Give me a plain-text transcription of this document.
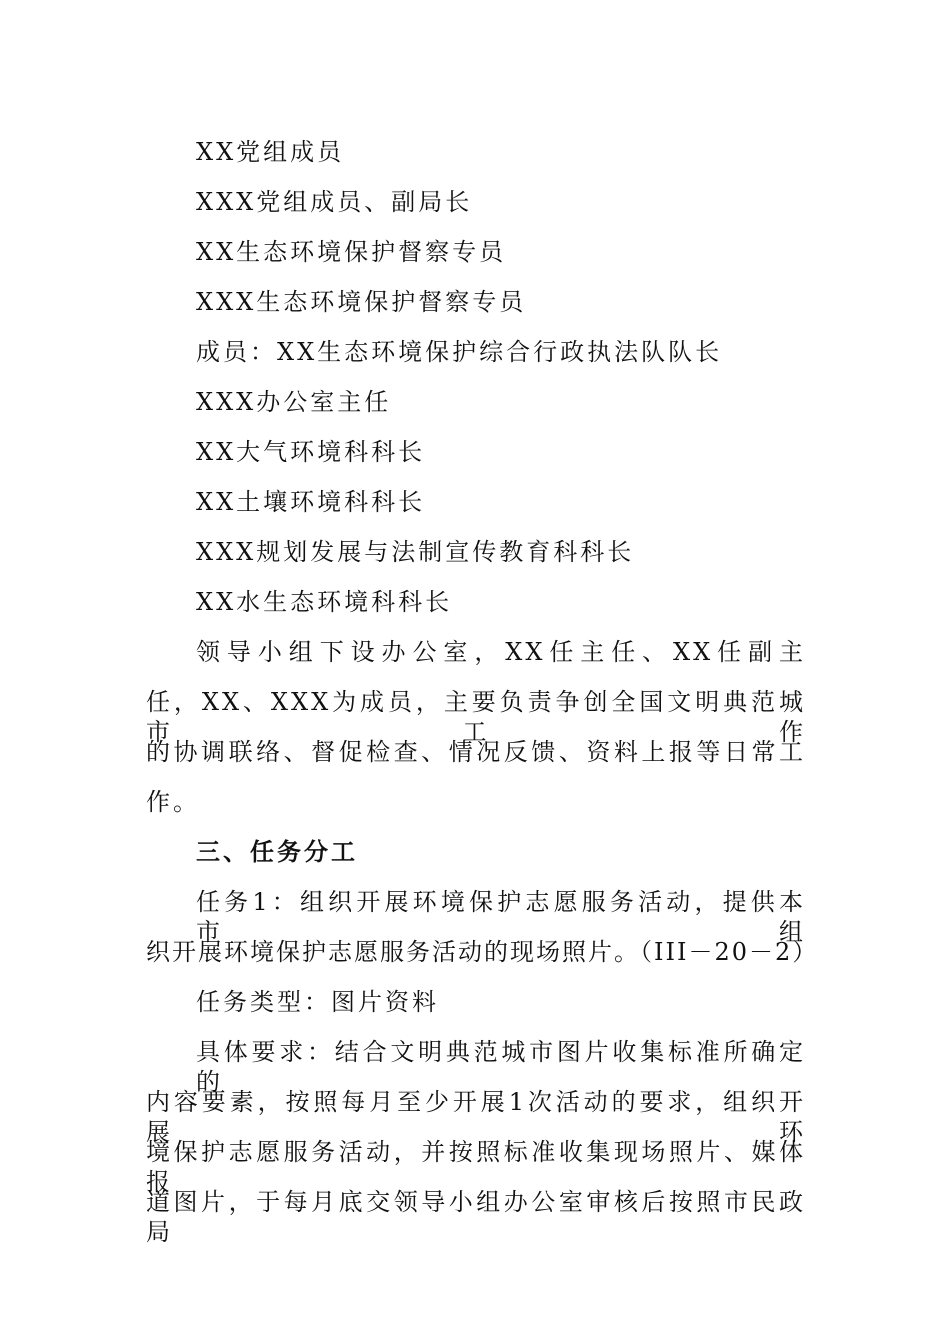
XX党组成员
XXX党组成员、副局长
XX生态环境保护督察专员
XXX生态环境保护督察专员
成员：XX生态环境保护综合行政执法队队长
XXX办公室主任
XX大气环境科科长
XX土壤环境科科长
XXX规划发展与法制宣传教育科科长
XX水生态环境科科长
领导小组下设办公室，XX任主任、XX任副主
任，XX、XXX为成员，主要负责争创全国文明典范城市工作
的协调联络、督促检查、情况反馈、资料上报等日常工
作。
三、任务分工
任务1：组织开展环境保护志愿服务活动，提供本市组
织开展环境保护志愿服务活动的现场照片。（III－20－2）
任务类型：图片资料
具体要求：结合文明典范城市图片收集标准所确定的
内容要素，按照每月至少开展1次活动的要求，组织开展环
境保护志愿服务活动，并按照标准收集现场照片、媒体报
道图片，于每月底交领导小组办公室审核后按照市民政局
